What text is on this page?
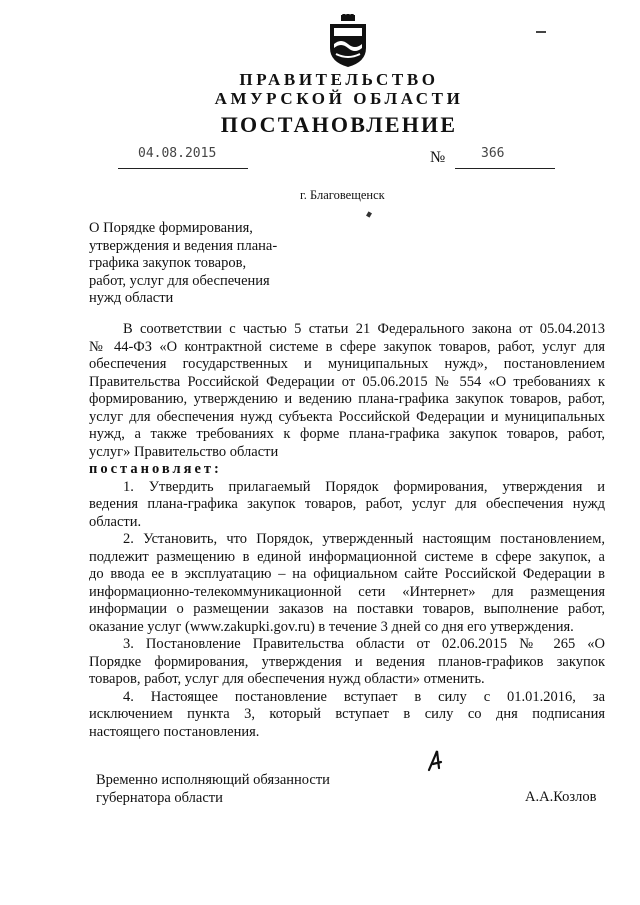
ПРАВИТЕЛЬСТВО
АМУРСКОЙ ОБЛАСТИ
ПОСТАНОВЛЕНИЕ
04.08.2015	№	366
г. Благовещенск
О Порядке формирования,
утверждения и ведения плана-
графика закупок товаров,
работ, услуг для обеспечения
нужд области
В соответствии с частью 5 статьи 21 Федерального закона от 05.04.2013
№ 44-ФЗ «О контрактной системе в сфере закупок товаров, работ, услуг для
обеспечения государственных и муниципальных нужд», постановлением
Правительства Российской Федерации от 05.06.2015 № 554 «О требованиях к
формированию, утверждению и ведению плана-графика закупок товаров, работ,
услуг для обеспечения нужд субъекта Российской Федерации и муниципальных
нужд, а также требованиях к форме плана-графика закупок товаров, работ,
услуг» Правительство области
постановляет:
1. Утвердить прилагаемый Порядок формирования, утверждения и
ведения плана-графика закупок товаров, работ, услуг для обеспечения нужд
области.
2. Установить, что Порядок, утвержденный настоящим постановлением,
подлежит размещению в единой информационной системе в сфере закупок, а
до ввода ее в эксплуатацию – на официальном сайте Российской Федерации в
информационно-телекоммуникационной сети «Интернет» для размещения
информации о размещении заказов на поставки товаров, выполнение работ,
оказание услуг (www.zakupki.gov.ru) в течение 3 дней со дня его утверждения.
3. Постановление Правительства области от 02.06.2015 № 265 «О
Порядке формирования, утверждения и ведения планов-графиков закупок
товаров, работ, услуг для обеспечения нужд области» отменить.
4. Настоящее постановление вступает в силу с 01.01.2016, за
исключением пункта 3, который вступает в силу со дня подписания
настоящего постановления.
Временно исполняющий обязанности
губернатора области	А.А.Козлов
